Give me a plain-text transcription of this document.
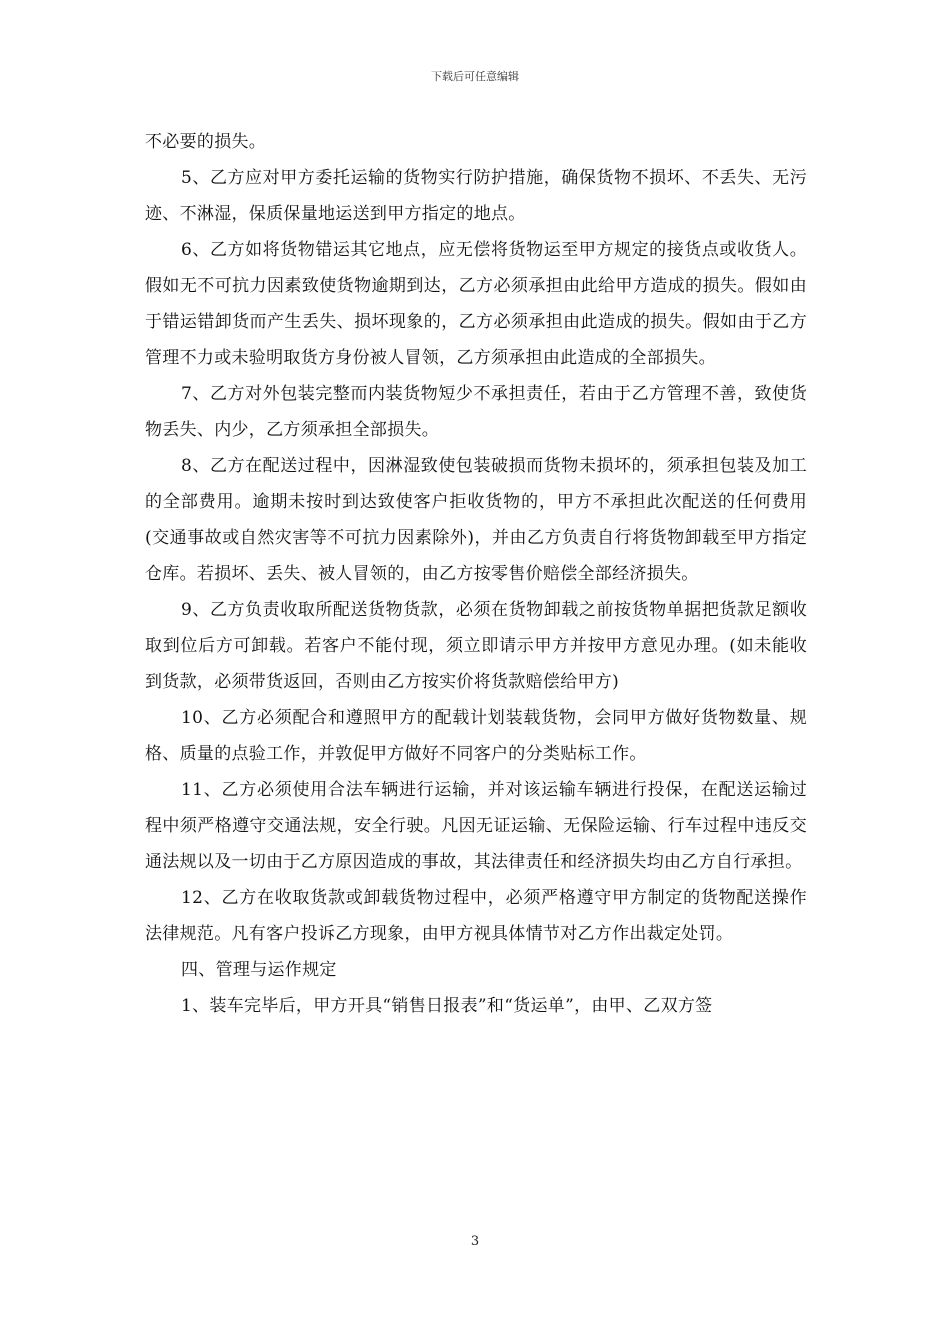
下载后可任意编辑

不必要的损失。

5、乙方应对甲方委托运输的货物实行防护措施，确保货物不损坏、不丢失、无污迹、不淋湿，保质保量地运送到甲方指定的地点。

6、乙方如将货物错运其它地点，应无偿将货物运至甲方规定的接货点或收货人。假如无不可抗力因素致使货物逾期到达，乙方必须承担由此给甲方造成的损失。假如由于错运错卸货而产生丢失、损坏现象的，乙方必须承担由此造成的损失。假如由于乙方管理不力或未验明取货方身份被人冒领，乙方须承担由此造成的全部损失。

7、乙方对外包装完整而内装货物短少不承担责任，若由于乙方管理不善，致使货物丢失、内少，乙方须承担全部损失。

8、乙方在配送过程中，因淋湿致使包装破损而货物未损坏的，须承担包装及加工的全部费用。逾期未按时到达致使客户拒收货物的，甲方不承担此次配送的任何费用(交通事故或自然灾害等不可抗力因素除外)，并由乙方负责自行将货物卸载至甲方指定仓库。若损坏、丢失、被人冒领的，由乙方按零售价赔偿全部经济损失。

9、乙方负责收取所配送货物货款，必须在货物卸载之前按货物单据把货款足额收取到位后方可卸载。若客户不能付现，须立即请示甲方并按甲方意见办理。(如未能收到货款，必须带货返回，否则由乙方按实价将货款赔偿给甲方)

10、乙方必须配合和遵照甲方的配载计划装载货物，会同甲方做好货物数量、规格、质量的点验工作，并敦促甲方做好不同客户的分类贴标工作。

11、乙方必须使用合法车辆进行运输，并对该运输车辆进行投保，在配送运输过程中须严格遵守交通法规，安全行驶。凡因无证运输、无保险运输、行车过程中违反交通法规以及一切由于乙方原因造成的事故，其法律责任和经济损失均由乙方自行承担。

12、乙方在收取货款或卸载货物过程中，必须严格遵守甲方制定的货物配送操作法律规范。凡有客户投诉乙方现象，由甲方视具体情节对乙方作出裁定处罚。

四、管理与运作规定

1、装车完毕后，甲方开具“销售日报表”和“货运单”，由甲、乙双方签

3
